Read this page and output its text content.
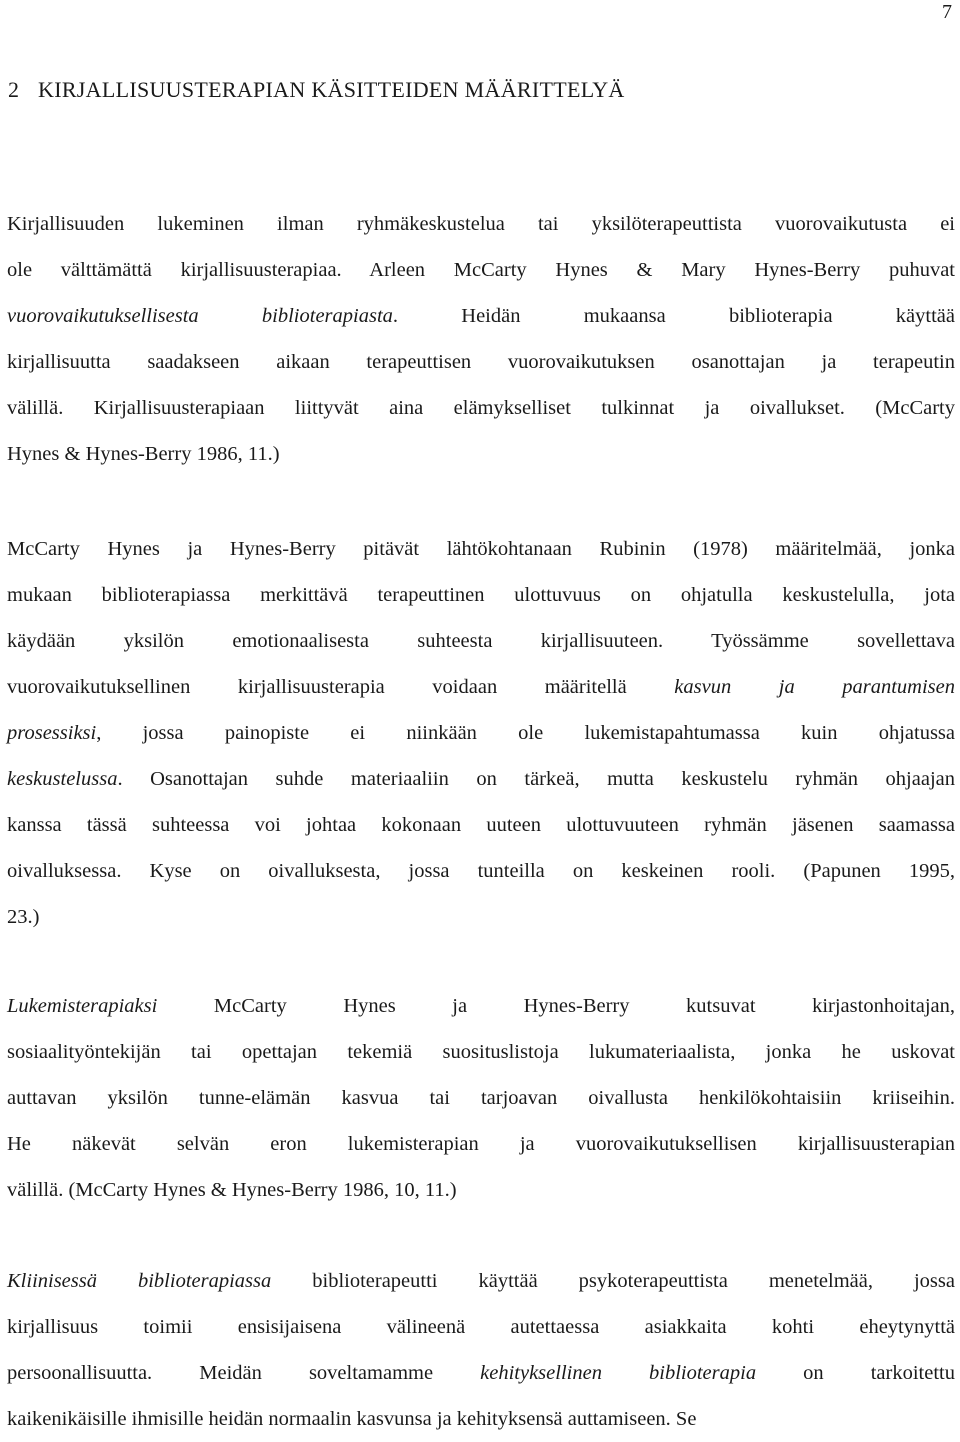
7
2 KIRJALLISUUSTERAPIAN KÄSITTEIDEN MÄÄRITTELYÄ
Kirjallisuuden lukeminen ilman ryhmäkeskustelua tai yksilöterapeuttista vuorovaikutusta ei
ole välttämättä kirjallisuusterapiaa. Arleen McCarty Hynes & Mary Hynes-Berry puhuvat
vuorovaikutuksellisesta biblioterapiasta. Heidän mukaansa biblioterapia käyttää
kirjallisuutta saadakseen aikaan terapeuttisen vuorovaikutuksen osanottajan ja terapeutin
välillä. Kirjallisuusterapiaan liittyvät aina elämykselliset tulkinnat ja oivallukset. (McCarty
Hynes & Hynes-Berry 1986, 11.)
McCarty Hynes ja Hynes-Berry pitävät lähtökohtanaan Rubinin (1978) määritelmää, jonka
mukaan biblioterapiassa merkittävä terapeuttinen ulottuvuus on ohjatulla keskustelulla, jota
käydään yksilön emotionaalisesta suhteesta kirjallisuuteen. Työssämme sovellettava
vuorovaikutuksellinen kirjallisuusterapia voidaan määritellä kasvun ja parantumisen
prosessiksi, jossa painopiste ei niinkään ole lukemistapahtumassa kuin ohjatussa
keskustelussa. Osanottajan suhde materiaaliin on tärkeä, mutta keskustelu ryhmän ohjaajan
kanssa tässä suhteessa voi johtaa kokonaan uuteen ulottuvuuteen ryhmän jäsenen saamassa
oivalluksessa. Kyse on oivalluksesta, jossa tunteilla on keskeinen rooli. (Papunen 1995,
23.)
Lukemisterapiaksi McCarty Hynes ja Hynes-Berry kutsuvat kirjastonhoitajan,
sosiaalityöntekijän tai opettajan tekemiä suosituslistoja lukumateriaalista, jonka he uskovat
auttavan yksilön tunne-elämän kasvua tai tarjoavan oivallusta henkilökohtaisiin kriiseihin.
He näkevät selvän eron lukemisterapian ja vuorovaikutuksellisen kirjallisuusterapian
välillä. (McCarty Hynes & Hynes-Berry 1986, 10, 11.)
Kliinisessä biblioterapiassa biblioterapeutti käyttää psykoterapeuttista menetelmää, jossa
kirjallisuus toimii ensisijaisena välineenä autettaessa asiakkaita kohti eheytynyttä
persoonallisuutta. Meidän soveltamamme kehityksellinen biblioterapia on tarkoitettu
kaikenikäisille ihmisille heidän normaalin kasvunsa ja kehityksensä auttamiseen. Se
